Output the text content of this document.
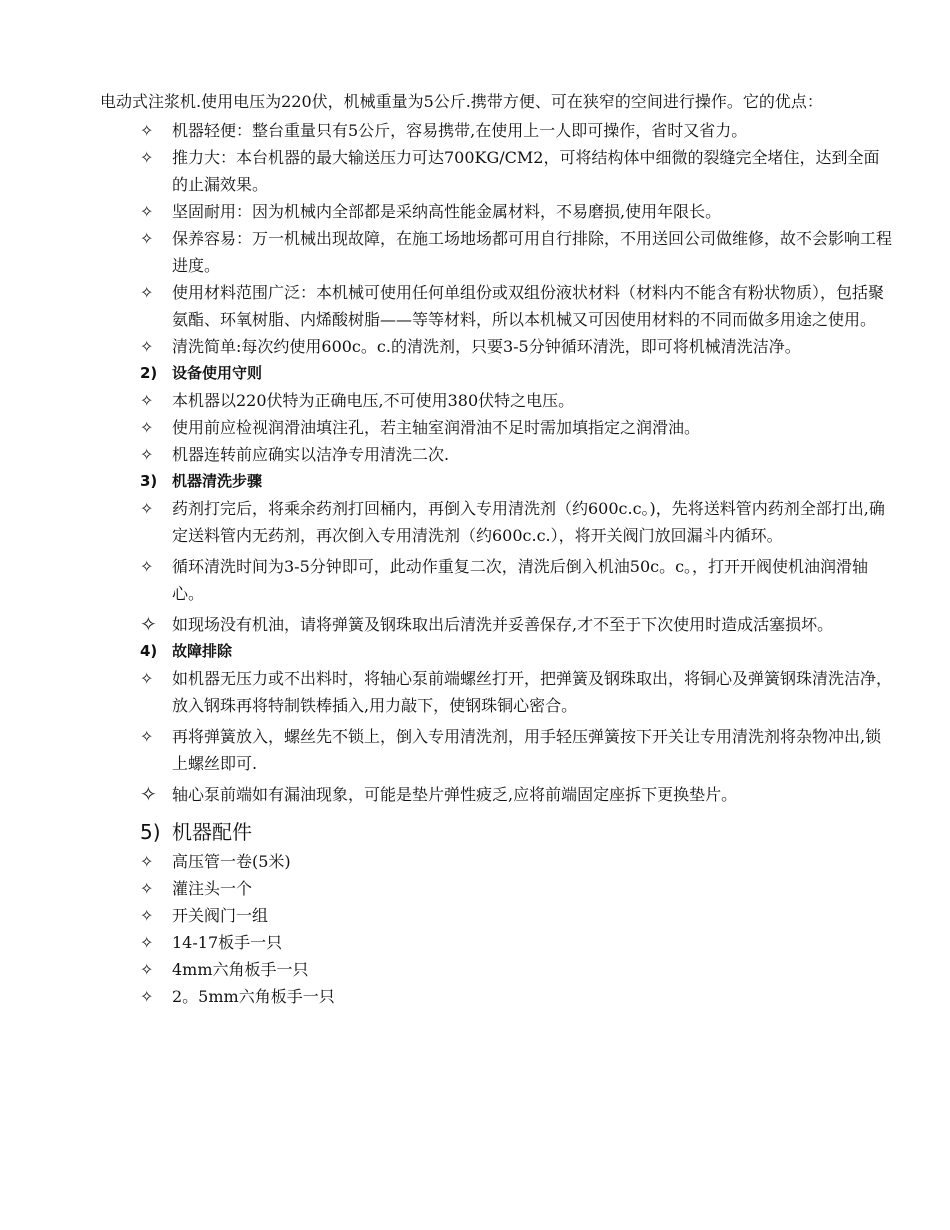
电动式注浆机.使用电压为220伏，机械重量为5公斤.携带方便、可在狭窄的空间进行操作。它的优点：

✧	机器轻便：整台重量只有5公斤，容易携带,在使用上一人即可操作，省时又省力。
✧	推力大：本台机器的最大输送压力可达700KG/CM2，可将结构体中细微的裂缝完全堵住，达到全面的止漏效果。
✧	坚固耐用：因为机械内全部都是采纳高性能金属材料，不易磨损,使用年限长。
✧	保养容易：万一机械出现故障，在施工场地场都可用自行排除，不用送回公司做维修，故不会影响工程进度。
✧	使用材料范围广泛：本机械可使用任何单组份或双组份液状材料（材料内不能含有粉状物质），包括聚氨酯、环氧树脂、内烯酸树脂——等等材料，所以本机械又可因使用材料的不同而做多用途之使用。
✧	清洗简单:每次约使用600c。c.的清洗剂，只要3-5分钟循环清洗，即可将机械清洗洁净。
2) 设备使用守则
✧	本机器以220伏特为正确电压,不可使用380伏特之电压。
✧	使用前应检视润滑油填注孔，若主轴室润滑油不足时需加填指定之润滑油。
✧	机器连转前应确实以洁净专用清洗二次.
3) 机器清洗步骤
✧	药剂打完后，将乘余药剂打回桶内，再倒入专用清洗剂（约600c.c。)，先将送料管内药剂全部打出,确定送料管内无药剂，再次倒入专用清洗剂（约600c.c.），将开关阀门放回漏斗内循环。
✧	循环清洗时间为3-5分钟即可，此动作重复二次，清洗后倒入机油50c。c。，打开开阀使机油润滑轴心。
✧ 如现场没有机油，请将弹簧及钢珠取出后清洗并妥善保存,才不至于下次使用时造成活塞损坏。
4) 故障排除
✧	如机器无压力或不出料时，将轴心泵前端螺丝打开，把弹簧及钢珠取出，将铜心及弹簧钢珠清洗洁净，放入钢珠再将特制铁棒插入,用力敲下，使钢珠铜心密合。
✧	再将弹簧放入，螺丝先不锁上，倒入专用清洗剂，用手轻压弹簧按下开关让专用清洗剂将杂物冲出,锁上螺丝即可.
✧ 轴心泵前端如有漏油现象，可能是垫片弹性疲乏,应将前端固定座拆下更换垫片。
5) 机器配件
✧	高压管一卷(5米)
✧	灌注头一个
✧	开关阀门一组
✧	14-17板手一只
✧	4mm六角板手一只
✧	2。5mm六角板手一只
